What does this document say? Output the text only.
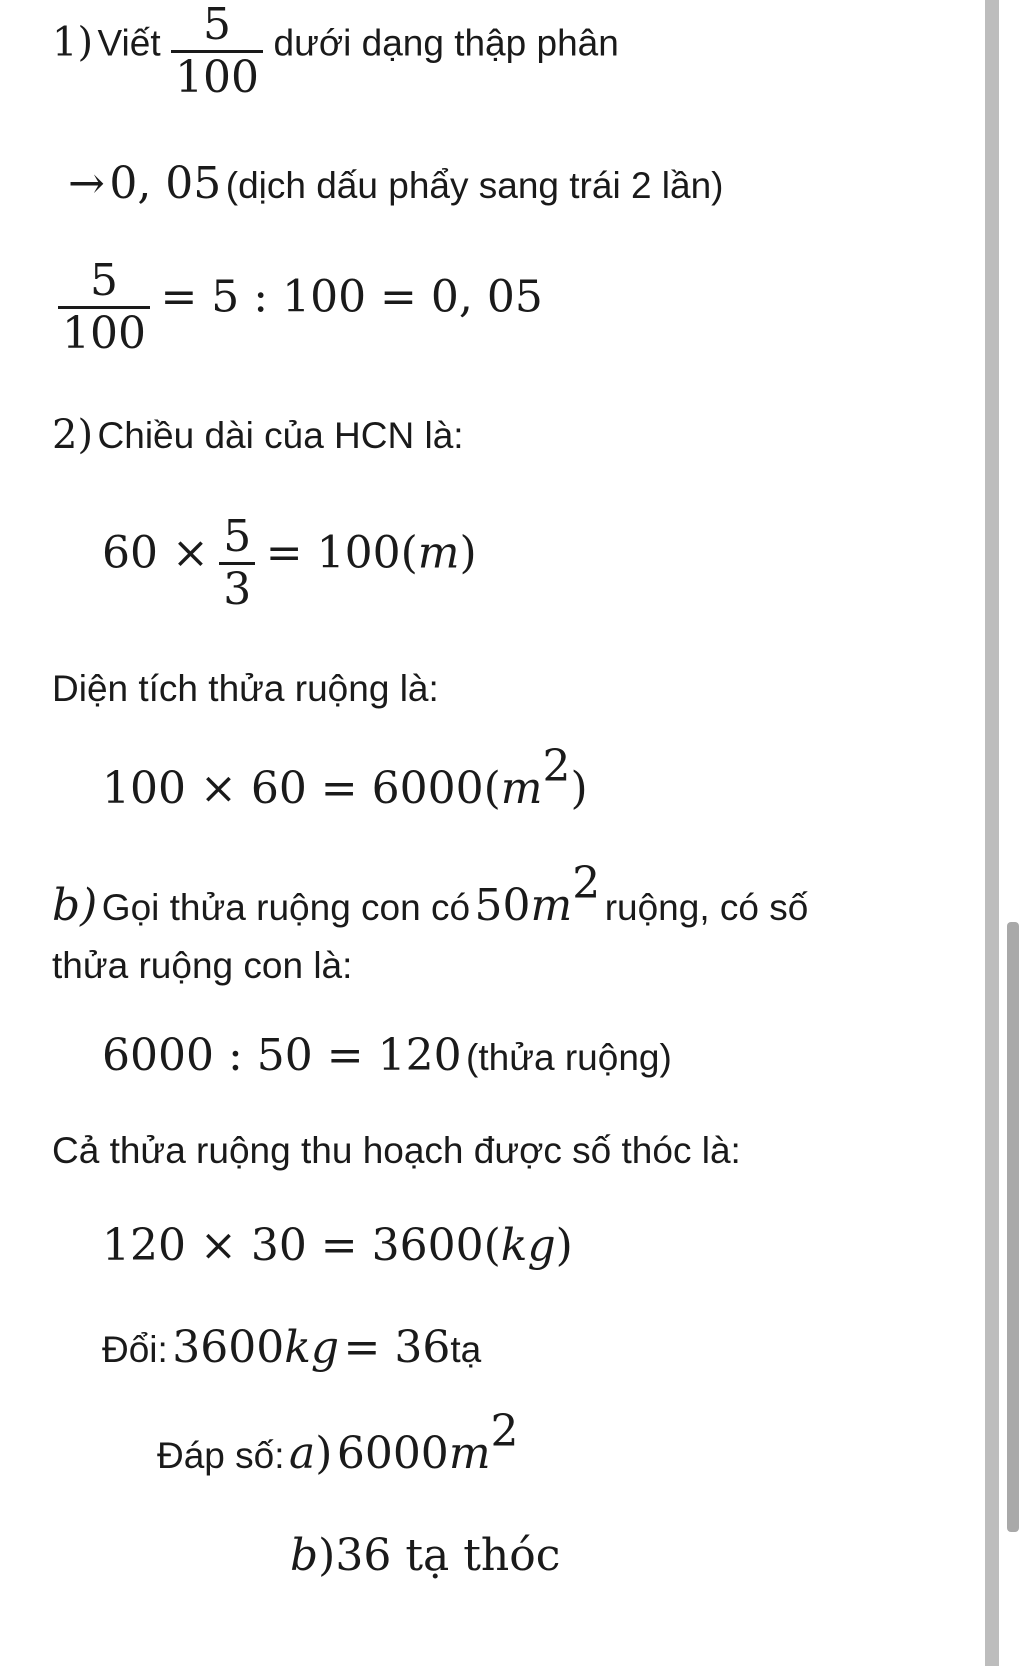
1) Viết $\frac{5}{100}$ dưới dạng thập phân
→ 0, 05 (dịch dấu phẩy sang trái 2 lần)
$\frac{5}{100} = 5$ : 100 = 0, 05
2) Chiều dài của HCN là:
$60 \times \frac{5}{3} = 100(m)$
Diện tích thửa ruộng là:
$100 \times 60 = 6000(m^2)$
b) Gọi thửa ruộng con có $50m^2$ ruộng, có số
thửa ruộng con là:
6000 : 50 = 120 (thửa ruộng)
Cả thửa ruộng thu hoạch được số thóc là:
120 × 30 = 3600(kg)
Đổi: 3600kg = 36tạ
Đáp số: a) $6000m^2$
b)36 tạ thóc
